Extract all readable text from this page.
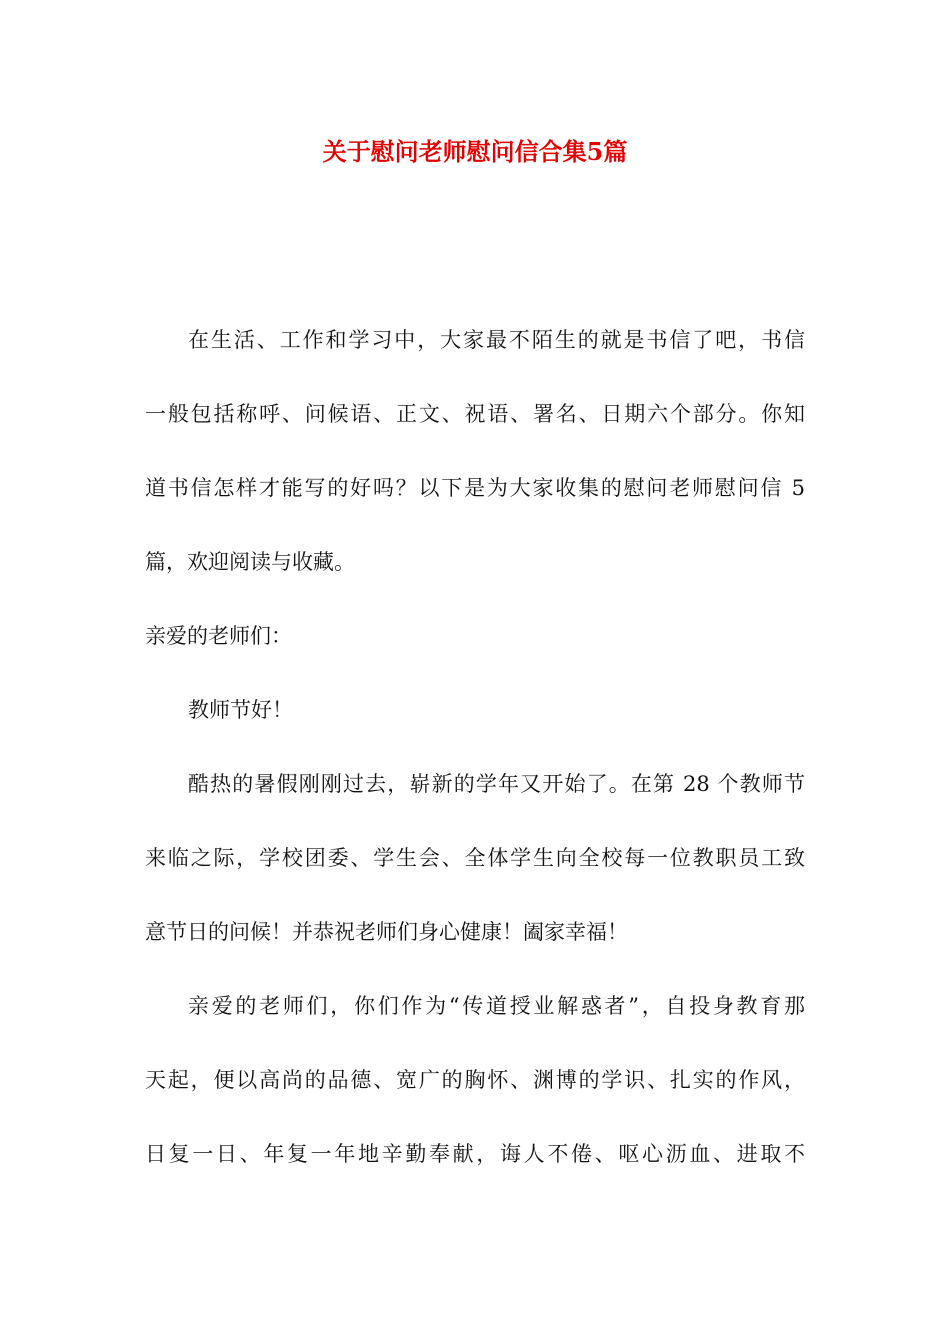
关于慰问老师慰问信合集5篇

在生活、工作和学习中，大家最不陌生的就是书信了吧，书信

一般包括称呼、问候语、正文、祝语、署名、日期六个部分。你知

道书信怎样才能写的好吗？以下是为大家收集的慰问老师慰问信 5

篇，欢迎阅读与收藏。

亲爱的老师们：

教师节好！

酷热的暑假刚刚过去，崭新的学年又开始了。在第 28 个教师节

来临之际，学校团委、学生会、全体学生向全校每一位教职员工致

意节日的问候！并恭祝老师们身心健康！阖家幸福！

亲爱的老师们，你们作为“传道授业解惑者”，自投身教育那

天起，便以高尚的品德、宽广的胸怀、渊博的学识、扎实的作风，

日复一日、年复一年地辛勤奉献，诲人不倦、呕心沥血、进取不
